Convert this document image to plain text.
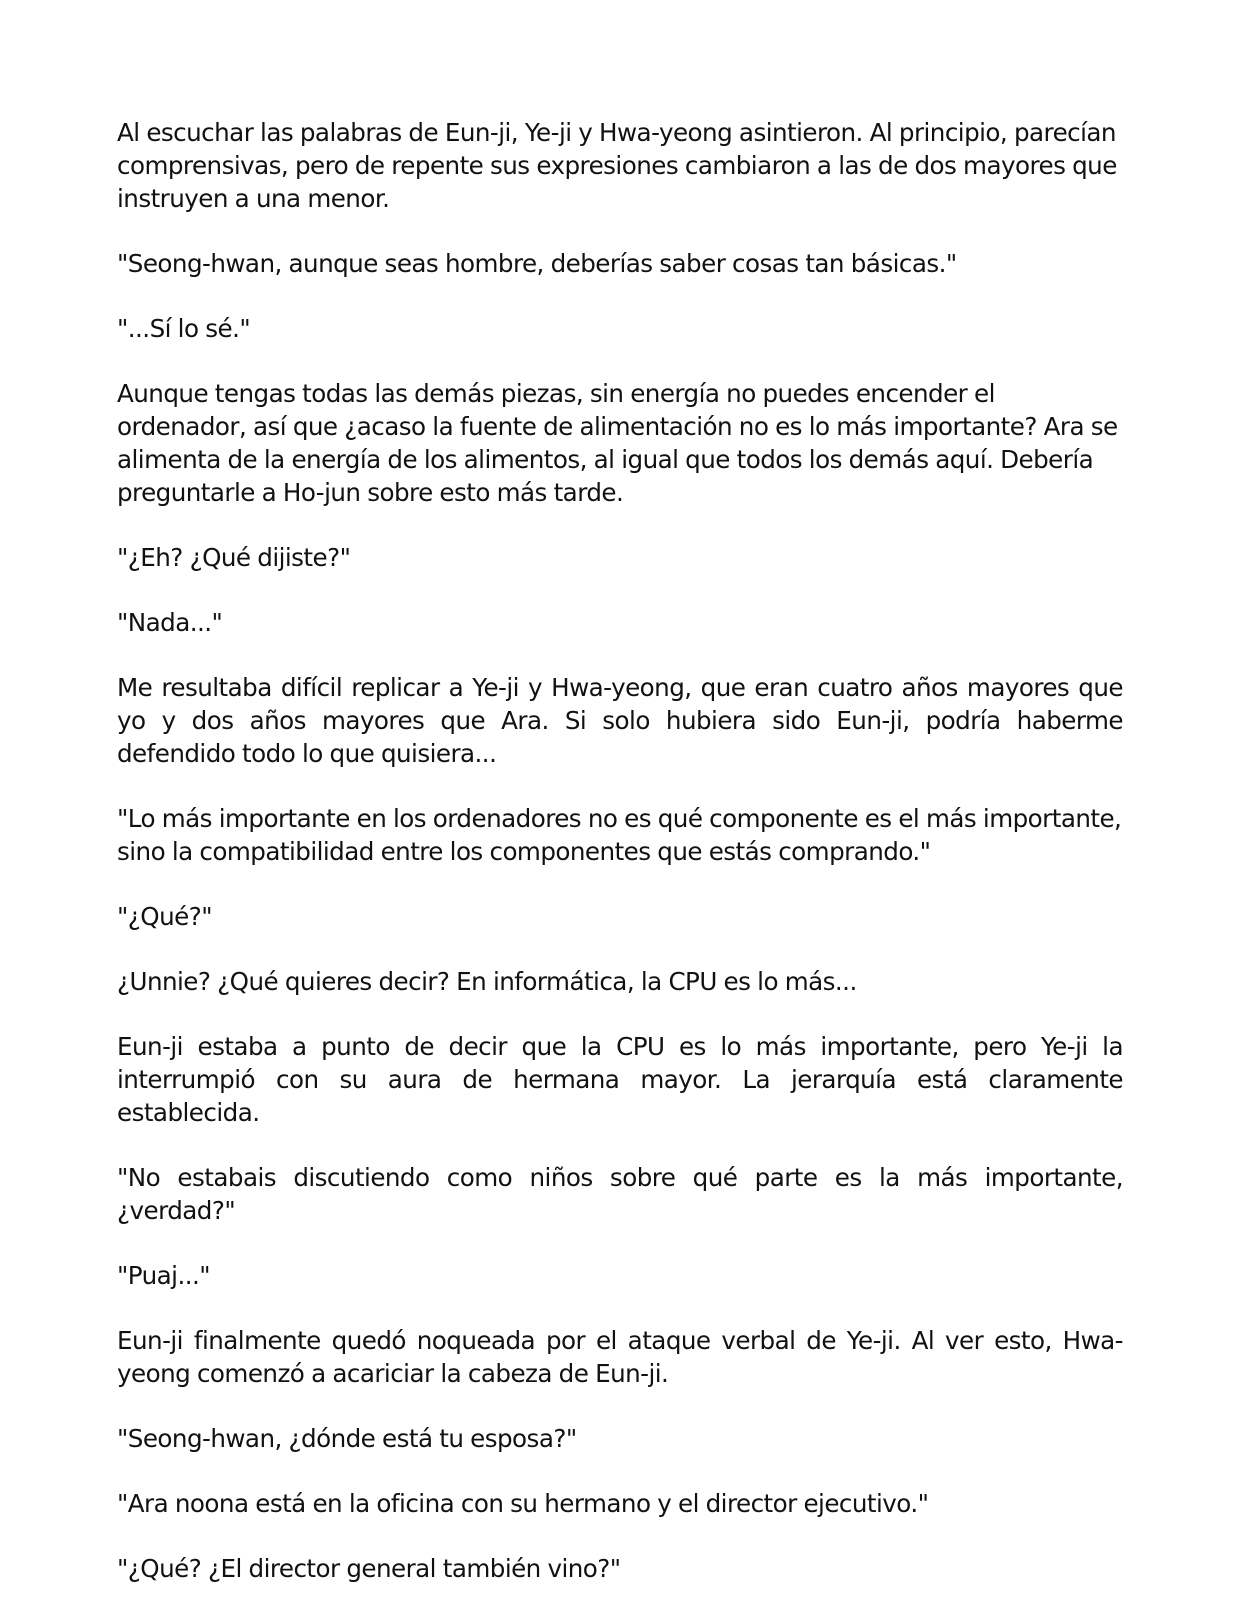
Al escuchar las palabras de Eun-ji, Ye-ji y Hwa-yeong asintieron. Al principio, parecían comprensivas, pero de repente sus expresiones cambiaron a las de dos mayores que instruyen a una menor.

"Seong-hwan, aunque seas hombre, deberías saber cosas tan básicas."

"...Sí lo sé."

Aunque tengas todas las demás piezas, sin energía no puedes encender el ordenador, así que ¿acaso la fuente de alimentación no es lo más importante? Ara se alimenta de la energía de los alimentos, al igual que todos los demás aquí. Debería preguntarle a Ho-jun sobre esto más tarde.

"¿Eh? ¿Qué dijiste?"

"Nada..."

Me resultaba difícil replicar a Ye-ji y Hwa-yeong, que eran cuatro años mayores que yo y dos años mayores que Ara. Si solo hubiera sido Eun-ji, podría haberme defendido todo lo que quisiera...

"Lo más importante en los ordenadores no es qué componente es el más importante, sino la compatibilidad entre los componentes que estás comprando."

"¿Qué?"

¿Unnie? ¿Qué quieres decir? En informática, la CPU es lo más...

Eun-ji estaba a punto de decir que la CPU es lo más importante, pero Ye-ji la interrumpió con su aura de hermana mayor. La jerarquía está claramente establecida.

"No estabais discutiendo como niños sobre qué parte es la más importante, ¿verdad?"

"Puaj..."

Eun-ji finalmente quedó noqueada por el ataque verbal de Ye-ji. Al ver esto, Hwa-yeong comenzó a acariciar la cabeza de Eun-ji.

"Seong-hwan, ¿dónde está tu esposa?"

"Ara noona está en la oficina con su hermano y el director ejecutivo."

"¿Qué? ¿El director general también vino?"
